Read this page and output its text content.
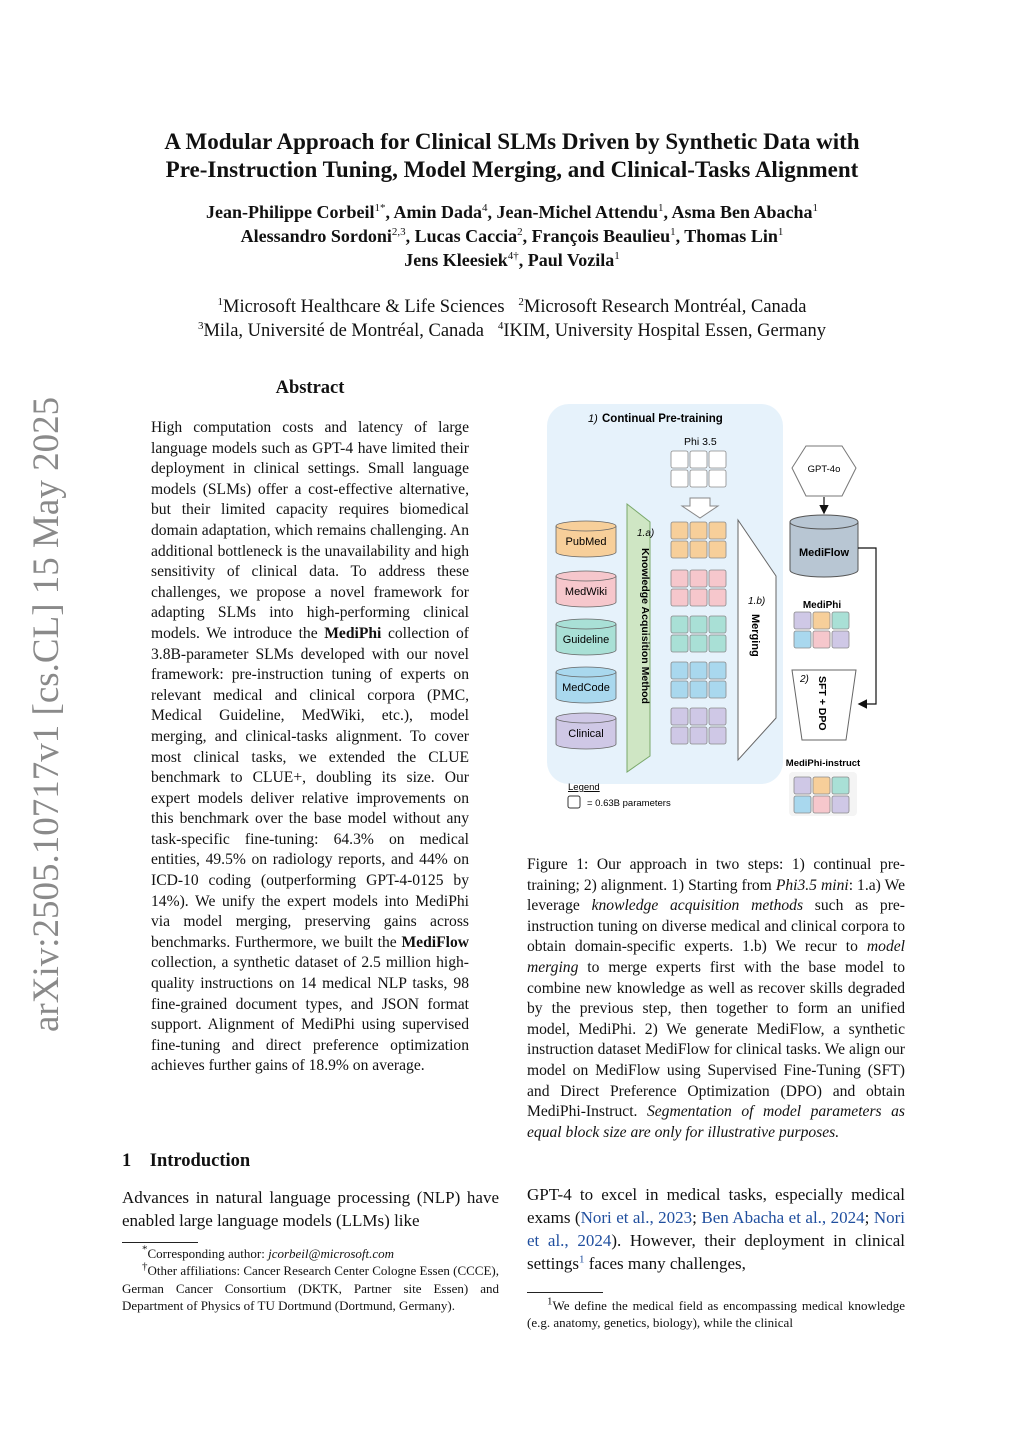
A Modular Approach for Clinical SLMs Driven by Synthetic Data with
Pre-Instruction Tuning, Model Merging, and Clinical-Tasks Alignment
Jean-Philippe Corbeil$^{1*}$, Amin Dada$^4$, Jean-Michel Attendu$^1$, Asma Ben Abacha$^1$
Alessandro Sordoni$^{2,3}$, Lucas Caccia$^2$, François Beaulieu$^1$, Thomas Lin$^1$
Jens Kleesiek$^{4\dagger}$, Paul Vozila$^1$
$^1$Microsoft Healthcare & Life Sciences $^2$Microsoft Research Montréal, Canada
$^3$Mila, Université de Montréal, Canada $^4$IKIM, University Hospital Essen, Germany
arXiv:2505.10717v1 [cs.CL] 15 May 2025
Abstract
High computation costs and latency of large language models such as GPT-4 have limited their deployment in clinical settings. Small language models (SLMs) offer a cost-effective alternative, but their limited capacity requires biomedical domain adaptation, which remains challenging. An additional bottleneck is the unavailability and high sensitivity of clinical data. To address these challenges, we propose a novel framework for adapting SLMs into high-performing clinical models. We introduce the MediPhi collection of 3.8B-parameter SLMs developed with our novel framework: pre-instruction tuning of experts on relevant medical and clinical corpora (PMC, Medical Guideline, MedWiki, etc.), model merging, and clinical-tasks alignment. To cover most clinical tasks, we extended the CLUE benchmark to CLUE+, doubling its size. Our expert models deliver relative improvements on this benchmark over the base model without any task-specific fine-tuning: 64.3% on medical entities, 49.5% on radiology reports, and 44% on ICD-10 coding (outperforming GPT-4-0125 by 14%). We unify the expert models into MediPhi via model merging, preserving gains across benchmarks. Furthermore, we built the MediFlow collection, a synthetic dataset of 2.5 million high-quality instructions on 14 medical NLP tasks, 98 fine-grained document types, and JSON format support. Alignment of MediPhi using supervised fine-tuning and direct preference optimization achieves further gains of 18.9% on average.
1 Introduction
Advances in natural language processing (NLP) have enabled large language models (LLMs) like
*Corresponding author: jcorbeil@microsoft.com
†Other affiliations: Cancer Research Center Cologne Essen (CCCE), German Cancer Consortium (DKTK, Partner site Essen) and Department of Physics of TU Dortmund (Dortmund, Germany).
1) Continual Pre-training
Phi 3.5
1.a)
Knowledge Acquisition Method
PubMed
MedWiki
Guideline
MedCode
Clinical
1.b)
Merging
GPT-4o
MediFlow
MediPhi
2) SFT + DPO
MediPhi-instruct
Legend
= 0.63B parameters
Figure 1: Our approach in two steps: 1) continual pre-training; 2) alignment. 1) Starting from Phi3.5 mini: 1.a) We leverage knowledge acquisition methods such as pre-instruction tuning on diverse medical and clinical corpora to obtain domain-specific experts. 1.b) We recur to model merging to merge experts first with the base model to combine new knowledge as well as recover skills degraded by the previous step, then together to form an unified model, MediPhi. 2) We generate MediFlow, a synthetic instruction dataset MediFlow for clinical tasks. We align our model on MediFlow using Supervised Fine-Tuning (SFT) and Direct Preference Optimization (DPO) and obtain MediPhi-Instruct. Segmentation of model parameters as equal block size are only for illustrative purposes.
GPT-4 to excel in medical tasks, especially medical exams (Nori et al., 2023; Ben Abacha et al., 2024; Nori et al., 2024). However, their deployment in clinical settings$^1$ faces many challenges,
$^1$We define the medical field as encompassing medical knowledge (e.g. anatomy, genetics, biology), while the clinical
